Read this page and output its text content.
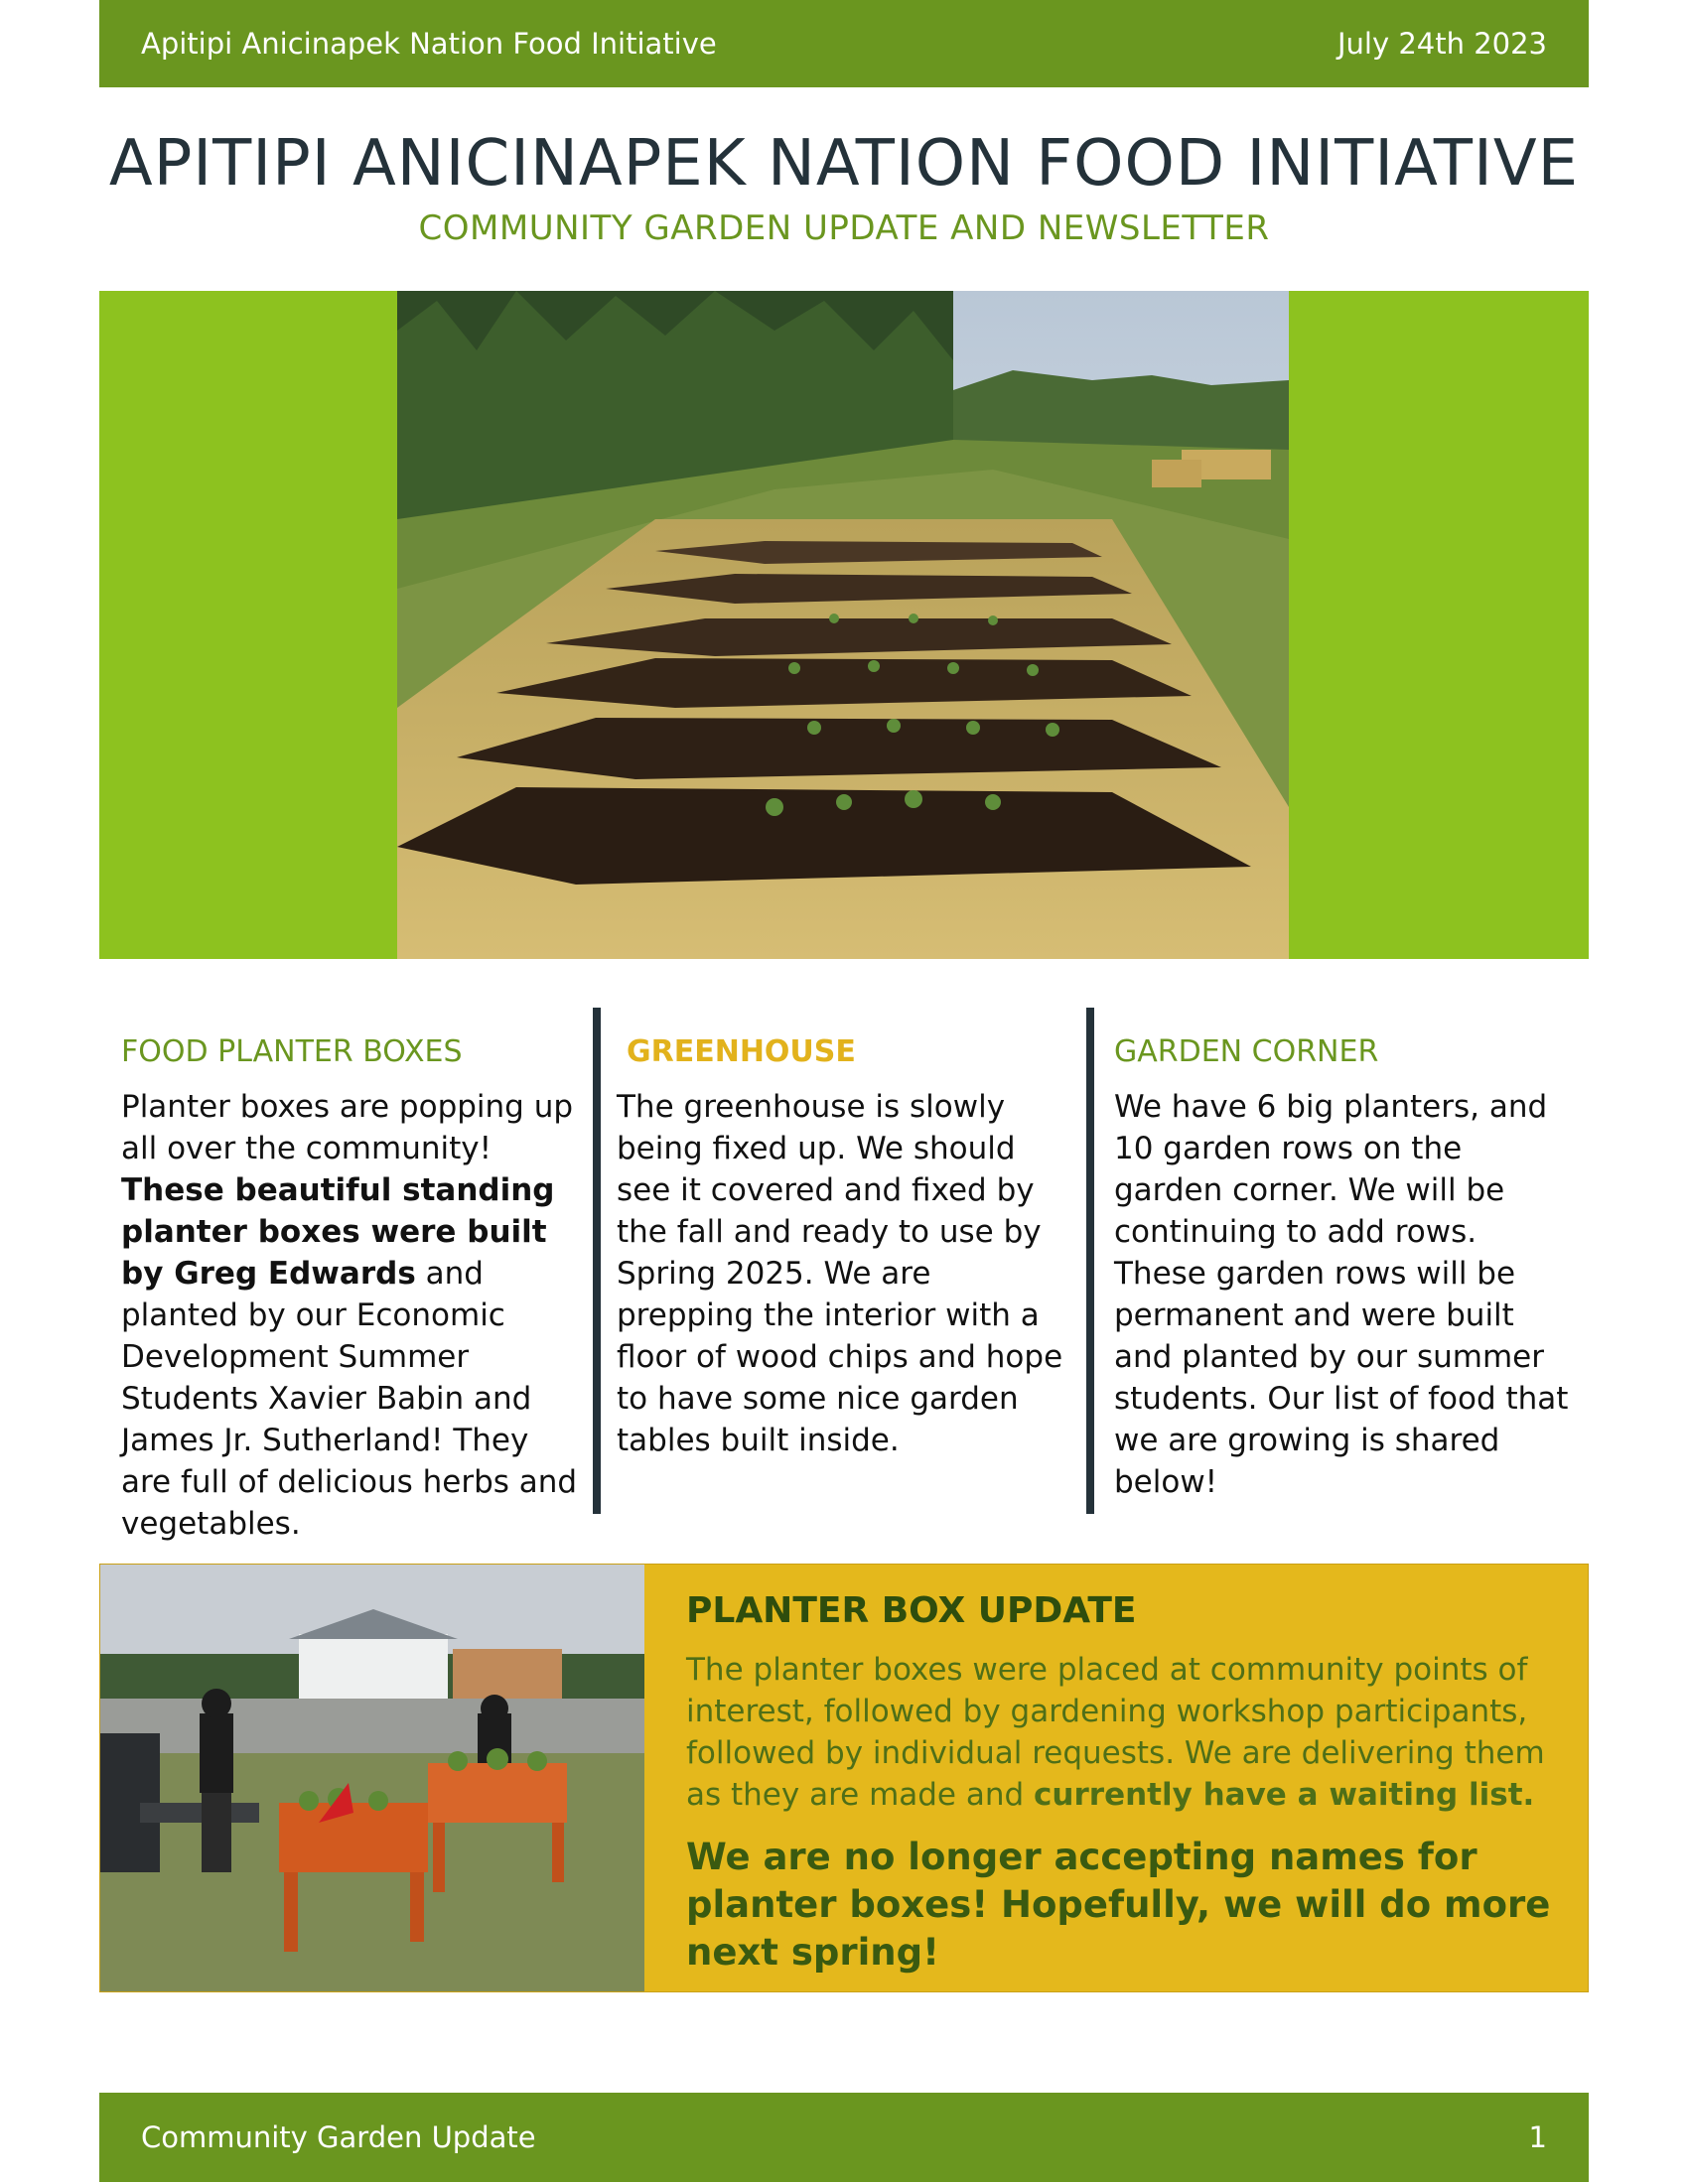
Apitipi Anicinapek Nation Food Initiative	July 24th 2023
APITIPI ANICINAPEK NATION FOOD INITIATIVE
COMMUNITY GARDEN UPDATE AND NEWSLETTER
FOOD PLANTER BOXES

Planter boxes are popping up all over the community! These beautiful standing planter boxes were built by Greg Edwards and planted by our Economic Development Summer Students Xavier Babin and James Jr. Sutherland! They are full of delicious herbs and vegetables.

GREENHOUSE

The greenhouse is slowly being fixed up. We should see it covered and fixed by the fall and ready to use by Spring 2025. We are prepping the interior with a floor of wood chips and hope to have some nice garden tables built inside.

GARDEN CORNER

We have 6 big planters, and 10 garden rows on the garden corner. We will be continuing to add rows. These garden rows will be permanent and were built and planted by our summer students. Our list of food that we are growing is shared below!

PLANTER BOX UPDATE

The planter boxes were placed at community points of interest, followed by gardening workshop participants, followed by individual requests. We are delivering them as they are made and currently have a waiting list.

We are no longer accepting names for planter boxes! Hopefully, we will do more next spring!

Community Garden Update	1
